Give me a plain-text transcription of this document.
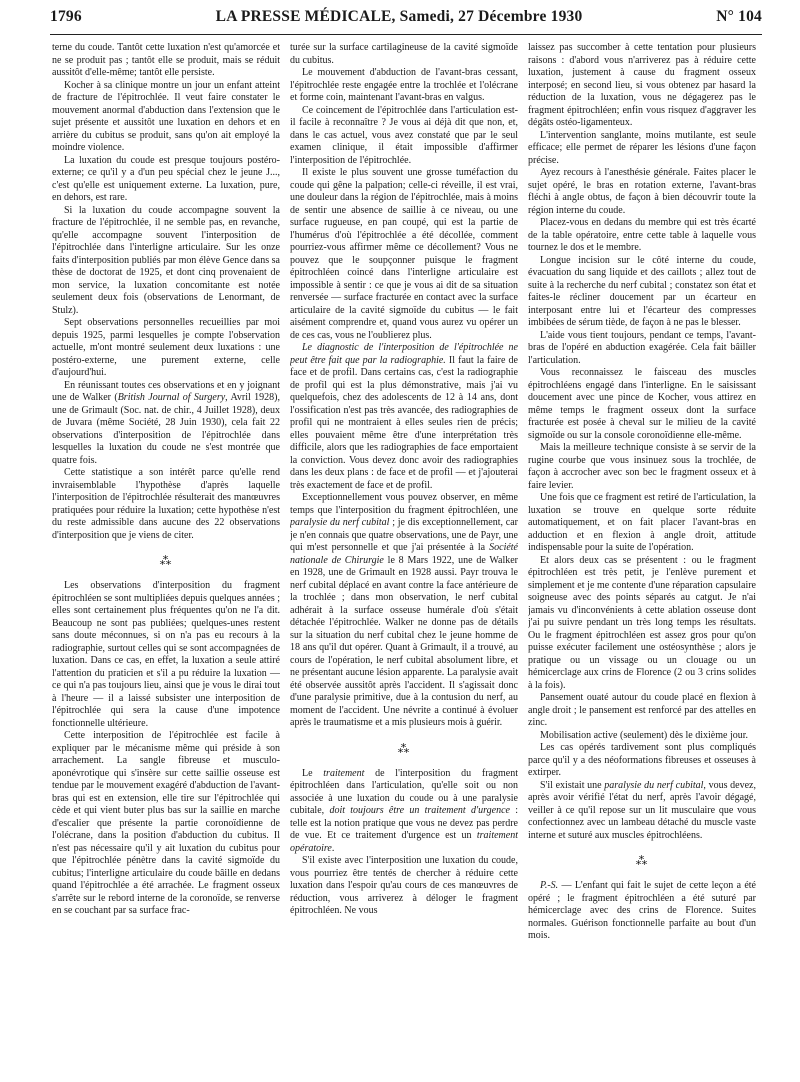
1796	LA PRESSE MÉDICALE, Samedi, 27 Décembre 1930	N° 104

terne du coude. Tantôt cette luxation n'est qu'amorcée et ne se produit pas ; tantôt elle se produit, mais se réduit aussitôt d'elle-même; tantôt elle persiste.

Kocher à sa clinique montre un jour un enfant atteint de fracture de l'épitrochlée. Il veut faire constater le mouvement anormal d'abduction dans l'extension que le sujet présente et aussitôt une luxation en dehors et en arrière du cubitus se produit, sans qu'on ait employé la moindre violence.

La luxation du coude est presque toujours postéro-externe; ce qu'il y a d'un peu spécial chez le jeune J..., c'est qu'elle est uniquement externe. La luxation, pure, en dehors, est rare.

Si la luxation du coude accompagne souvent la fracture de l'épitrochlée, il ne semble pas, en revanche, qu'elle accompagne souvent l'interposition de l'épitrochlée dans l'interligne articulaire. Sur les onze faits d'interposition publiés par mon élève Gence dans sa thèse de doctorat de 1925, et dont cinq provenaient de mon service, la luxation concomitante est notée seulement deux fois (observations de Lenormant, de Stulz).

Sept observations personnelles recueillies par moi depuis 1925, parmi lesquelles je compte l'observation actuelle, m'ont montré seulement deux luxations : une postéro-externe, une purement externe, celle d'aujourd'hui.

En réunissant toutes ces observations et en y joignant une de Walker (British Journal of Surgery, Avril 1928), une de Grimault (Soc. nat. de chir., 4 Juillet 1928), deux de Juvara (même Société, 28 Juin 1930), cela fait 22 observations d'interposition de l'épitrochlée dans lesquelles la luxation du coude ne s'est montrée que quatre fois.

Cette statistique a son intérêt parce qu'elle rend invraisemblable l'hypothèse d'après laquelle l'interposition de l'épitrochlée résulterait des manœuvres pratiquées pour réduire la luxation; cette hypothèse n'est du reste admissible dans aucune des 22 observations d'interposition que je viens de citer.

⁂

Les observations d'interposition du fragment épitrochléen se sont multipliées depuis quelques années ; elles sont certainement plus fréquentes qu'on ne l'a dit. Beaucoup ne sont pas publiées; quelques-unes restent sans doute méconnues, si on n'a pas eu recours à la radiographie, surtout celles qui se sont accompagnées de luxation. Dans ce cas, en effet, la luxation a seule attiré l'attention du praticien et s'il a pu réduire la luxation — ce qui n'a pas toujours lieu, ainsi que je vous le dirai tout à l'heure — il a laissé subsister une interposition de l'épitrochlée qui sera la cause d'une impotence fonctionnelle ultérieure.

Cette interposition de l'épitrochlée est facile à expliquer par le mécanisme même qui préside à son arrachement. La sangle fibreuse et musculo-aponévrotique qui s'insère sur cette saillie osseuse est tendue par le mouvement exagéré d'abduction de l'avant-bras qui est en extension, elle tire sur l'épitrochlée qui cède et qui vient buter plus bas sur la saillie en marche d'escalier que présente la partie coronoïdienne de l'olécrane, dans la position d'abduction du cubitus. Il n'est pas nécessaire qu'il y ait luxation du cubitus pour que l'épitrochlée pénètre dans la cavité sigmoïde du cubitus; l'interligne articulaire du coude bâille en dedans quand l'épitrochlée a été arrachée. Le fragment osseux s'arrête sur le rebord interne de la coronoïde, se renverse en se couchant par sa surface frac-

turée sur la surface cartilagineuse de la cavité sigmoïde du cubitus.

Le mouvement d'abduction de l'avant-bras cessant, l'épitrochlée reste engagée entre la trochlée et l'olécrane et forme coin, maintenant l'avant-bras en valgus.

Ce coincement de l'épitrochlée dans l'articulation est-il facile à reconnaître ? Je vous ai déjà dit que non, et, dans le cas actuel, vous avez constaté que par le seul examen clinique, il était impossible d'affirmer l'interposition de l'épitrochlée.

Il existe le plus souvent une grosse tuméfaction du coude qui gêne la palpation; celle-ci réveille, il est vrai, une douleur dans la région de l'épitrochlée, mais à moins de sentir une absence de saillie à ce niveau, ou une surface rugueuse, en pan coupé, qui est la partie de l'humérus d'où l'épitrochlée a été décollée, comment pourriez-vous affirmer même ce décollement? Vous ne pouvez que le soupçonner puisque le fragment épitrochléen coincé dans l'interligne articulaire est impossible à sentir : ce que je vous ai dit de sa situation renversée — surface fracturée en contact avec la surface articulaire de la cavité sigmoïde du cubitus — le fait aisément comprendre et, quand vous aurez vu opérer un de ces cas, vous ne l'oublierez plus.

Le diagnostic de l'interposition de l'épitrochlée ne peut être fait que par la radiographie. Il faut la faire de face et de profil. Dans certains cas, c'est la radiographie de profil qui est la plus démonstrative, mais j'ai vu quelquefois, chez des adolescents de 12 à 14 ans, dont l'ossification n'est pas très avancée, des radiographies de profil qui ne montraient à elles seules rien de précis; elles pouvaient même être d'une interprétation très difficile, alors que les radiographies de face emportaient la conviction. Vous devez donc avoir des radiographies dans les deux plans : de face et de profil — et j'ajouterai très exactement de face et de profil.

Exceptionnellement vous pouvez observer, en même temps que l'interposition du fragment épitrochléen, une paralysie du nerf cubital ; je dis exceptionnellement, car je n'en connais que quatre observations, une de Payr, une qui m'est personnelle et que j'ai présentée à la Société nationale de Chirurgie le 8 Mars 1922, une de Walker en 1928, une de Grimault en 1928 aussi. Payr trouva le nerf cubital déplacé en avant contre la face antérieure de la trochlée ; dans mon observation, le nerf cubital adhérait à la surface osseuse humérale d'où s'était détachée l'épitrochlée. Walker ne donne pas de détails sur la situation du nerf cubital chez le jeune homme de 18 ans qu'il dut opérer. Quant à Grimault, il a trouvé, au cours de l'opération, le nerf cubital absolument libre, et ne présentant aucune lésion apparente. La paralysie avait été observée aussitôt après l'accident. Il s'agissait donc d'une paralysie primitive, due à la contusion du nerf, au moment de l'accident. Une névrite a continué à évoluer après le traumatisme et a mis plusieurs mois à guérir.

⁂

Le traitement de l'interposition du fragment épitrochléen dans l'articulation, qu'elle soit ou non associée à une luxation du coude ou à une paralysie cubitale, doit toujours être un traitement d'urgence : telle est la notion pratique que vous ne devez pas perdre de vue. Et ce traitement d'urgence est un traitement opératoire.

S'il existe avec l'interposition une luxation du coude, vous pourriez être tentés de chercher à réduire cette luxation dans l'espoir qu'au cours de ces manœuvres de réduction, vous arriverez à déloger le fragment épitrochléen. Ne vous

laissez pas succomber à cette tentation pour plusieurs raisons : d'abord vous n'arriverez pas à réduire cette luxation, justement à cause du fragment osseux interposé; en second lieu, si vous obtenez par hasard la réduction de la luxation, vous ne dégagerez pas le fragment épitrochléen; enfin vous risquez d'aggraver les dégâts ostéo-ligamenteux.

L'intervention sanglante, moins mutilante, est seule efficace; elle permet de réparer les lésions d'une façon précise.

Ayez recours à l'anesthésie générale. Faites placer le sujet opéré, le bras en rotation externe, l'avant-bras fléchi à angle obtus, de façon à bien découvrir toute la région interne du coude.

Placez-vous en dedans du membre qui est très écarté de la table opératoire, entre cette table à laquelle vous tournez le dos et le membre.

Longue incision sur le côté interne du coude, évacuation du sang liquide et des caillots ; allez tout de suite à la recherche du nerf cubital ; constatez son état et faites-le récliner doucement par un écarteur en interposant entre lui et l'écarteur des compresses imbibées de sérum tiède, de façon à ne pas le blesser.

L'aide vous tient toujours, pendant ce temps, l'avant-bras de l'opéré en abduction exagérée. Cela fait bâiller l'articulation.

Vous reconnaissez le faisceau des muscles épitrochléens engagé dans l'interligne. En le saisissant doucement avec une pince de Kocher, vous attirez en même temps le fragment osseux dont la surface fracturée est posée à cheval sur le milieu de la cavité sigmoïde ou sur la console coronoïdienne elle-même.

Mais la meilleure technique consiste à se servir de la rugine courbe que vous insinuez sous la trochlée, de façon à accrocher avec son bec le fragment osseux et à faire levier.

Une fois que ce fragment est retiré de l'articulation, la luxation se trouve en quelque sorte réduite automatiquement, et on fait placer l'avant-bras en adduction et en flexion à angle droit, attitude indispensable pour la suite de l'opération.

Et alors deux cas se présentent : ou le fragment épitrochléen est très petit, je l'enlève purement et simplement et je me contente d'une réparation capsulaire soigneuse avec des points séparés au catgut. Je n'ai jamais vu d'inconvénients à cette ablation osseuse dont j'ai pu suivre pendant un très long temps les résultats. Ou le fragment épitrochléen est assez gros pour qu'on puisse exécuter facilement une ostéosynthèse ; alors je pratique ou un vissage ou un clouage ou un hémicerclage aux crins de Florence (2 ou 3 crins solides à la fois).

Pansement ouaté autour du coude placé en flexion à angle droit ; le pansement est renforcé par des attelles en zinc.

Mobilisation active (seulement) dès le dixième jour.

Les cas opérés tardivement sont plus compliqués parce qu'il y a des néoformations fibreuses et osseuses à extirper.

S'il existait une paralysie du nerf cubital, vous devez, après avoir vérifié l'état du nerf, après l'avoir dégagé, veiller à ce qu'il repose sur un lit musculaire que vous confectionnez avec un lambeau détaché du muscle vaste interne et suturé aux muscles épitrochléens.

⁂

P.-S. — L'enfant qui fait le sujet de cette leçon a été opéré ; le fragment épitrochléen a été suturé par hémicerclage avec des crins de Florence. Suites normales. Guérison fonctionnelle parfaite au bout d'un mois.
